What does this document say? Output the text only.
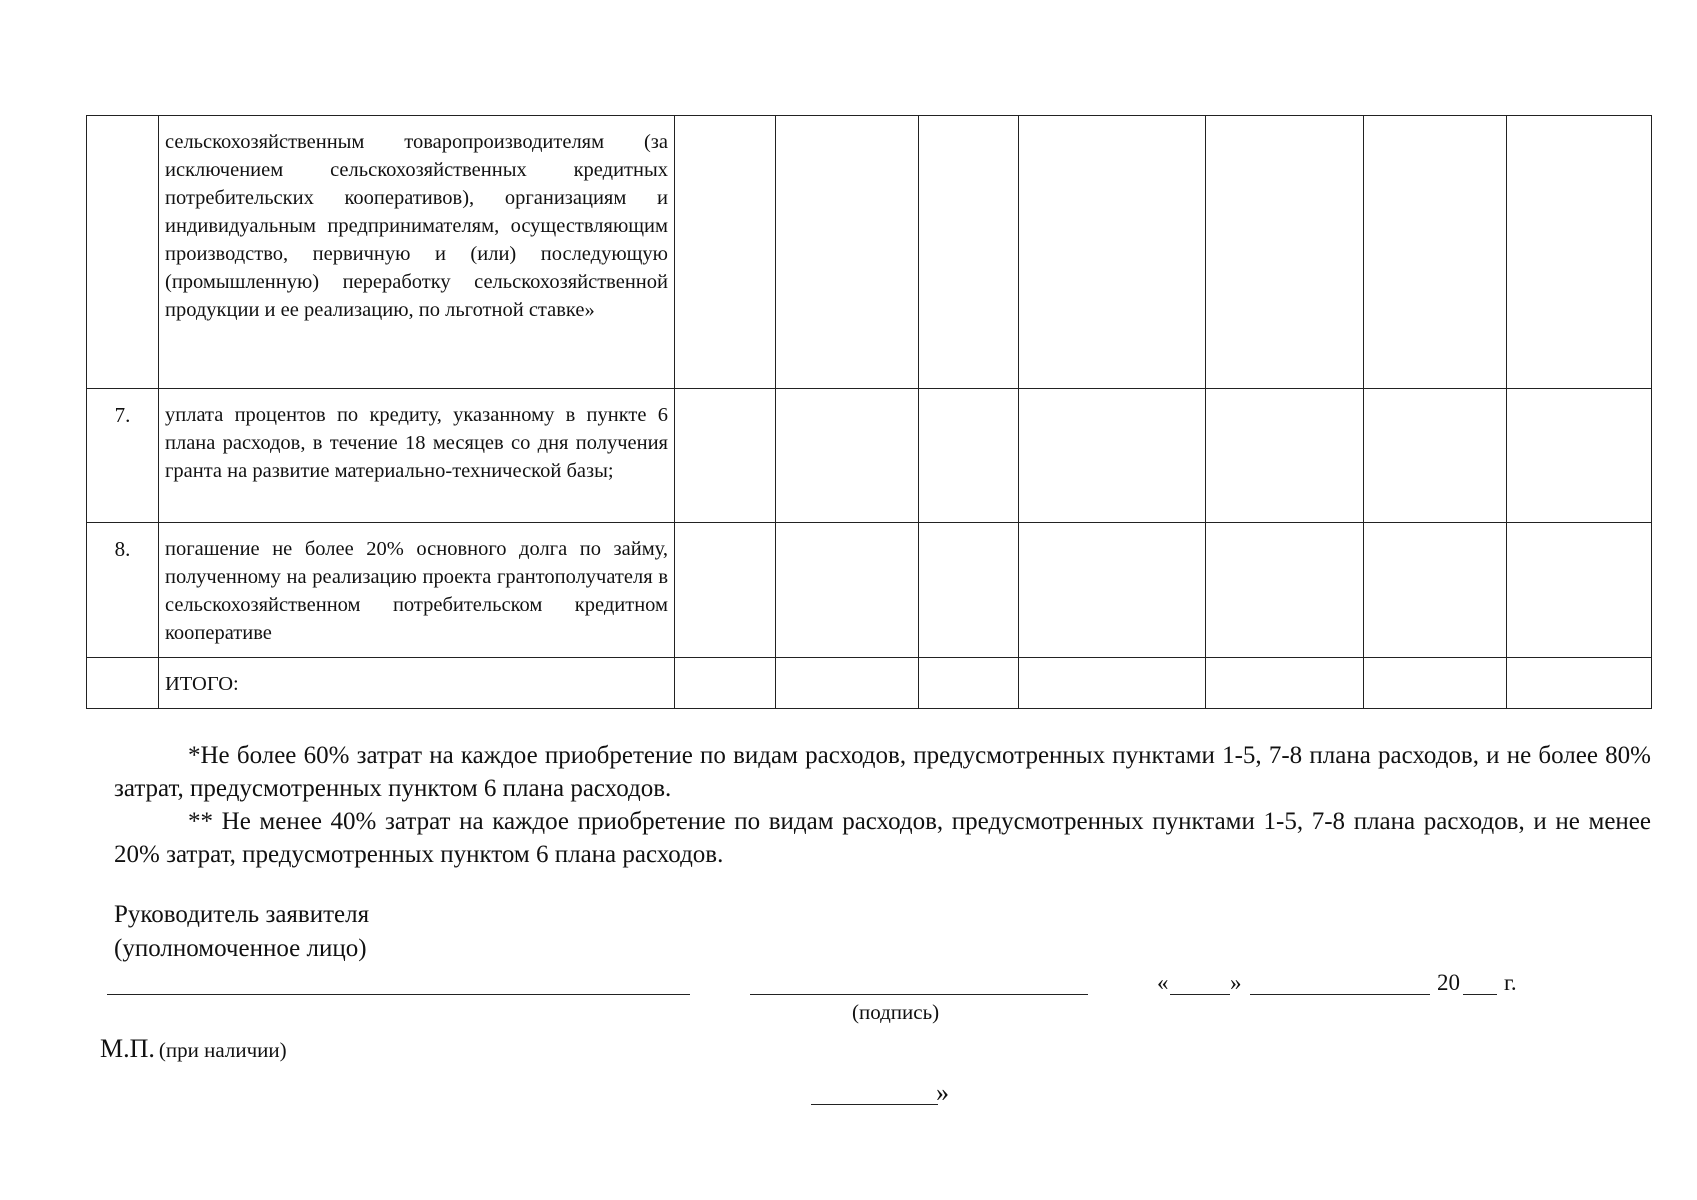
	сельскохозяйственным товаропроизводителям (за исключением сельскохозяйственных кредитных потребительских кооперативов), организациям и индивидуальным предпринимателям, осуществляющим производство, первичную и (или) последующую (промышленную) переработку сельскохозяйственной продукции и ее реализацию, по льготной ставке»							
7.	уплата процентов по кредиту, указанному в пункте 6 плана расходов, в течение 18 месяцев со дня получения гранта на развитие материально-технической базы;							
8.	погашение не более 20% основного долга по займу, полученному на реализацию проекта грантополучателя в сельскохозяйственном потребительском кредитном кооперативе							
	ИТОГО:							

*Не более 60% затрат на каждое приобретение по видам расходов, предусмотренных пунктами 1-5, 7-8 плана расходов, и не более 80% затрат, предусмотренных пунктом 6 плана расходов.

** Не менее 40% затрат на каждое приобретение по видам расходов, предусмотренных пунктами 1-5, 7-8 плана расходов, и не менее 20% затрат, предусмотренных пунктом 6 плана расходов.

Руководитель заявителя
(уполномоченное лицо)
(подпись)
«	»	20 г.
М.П. (при наличии)
»
